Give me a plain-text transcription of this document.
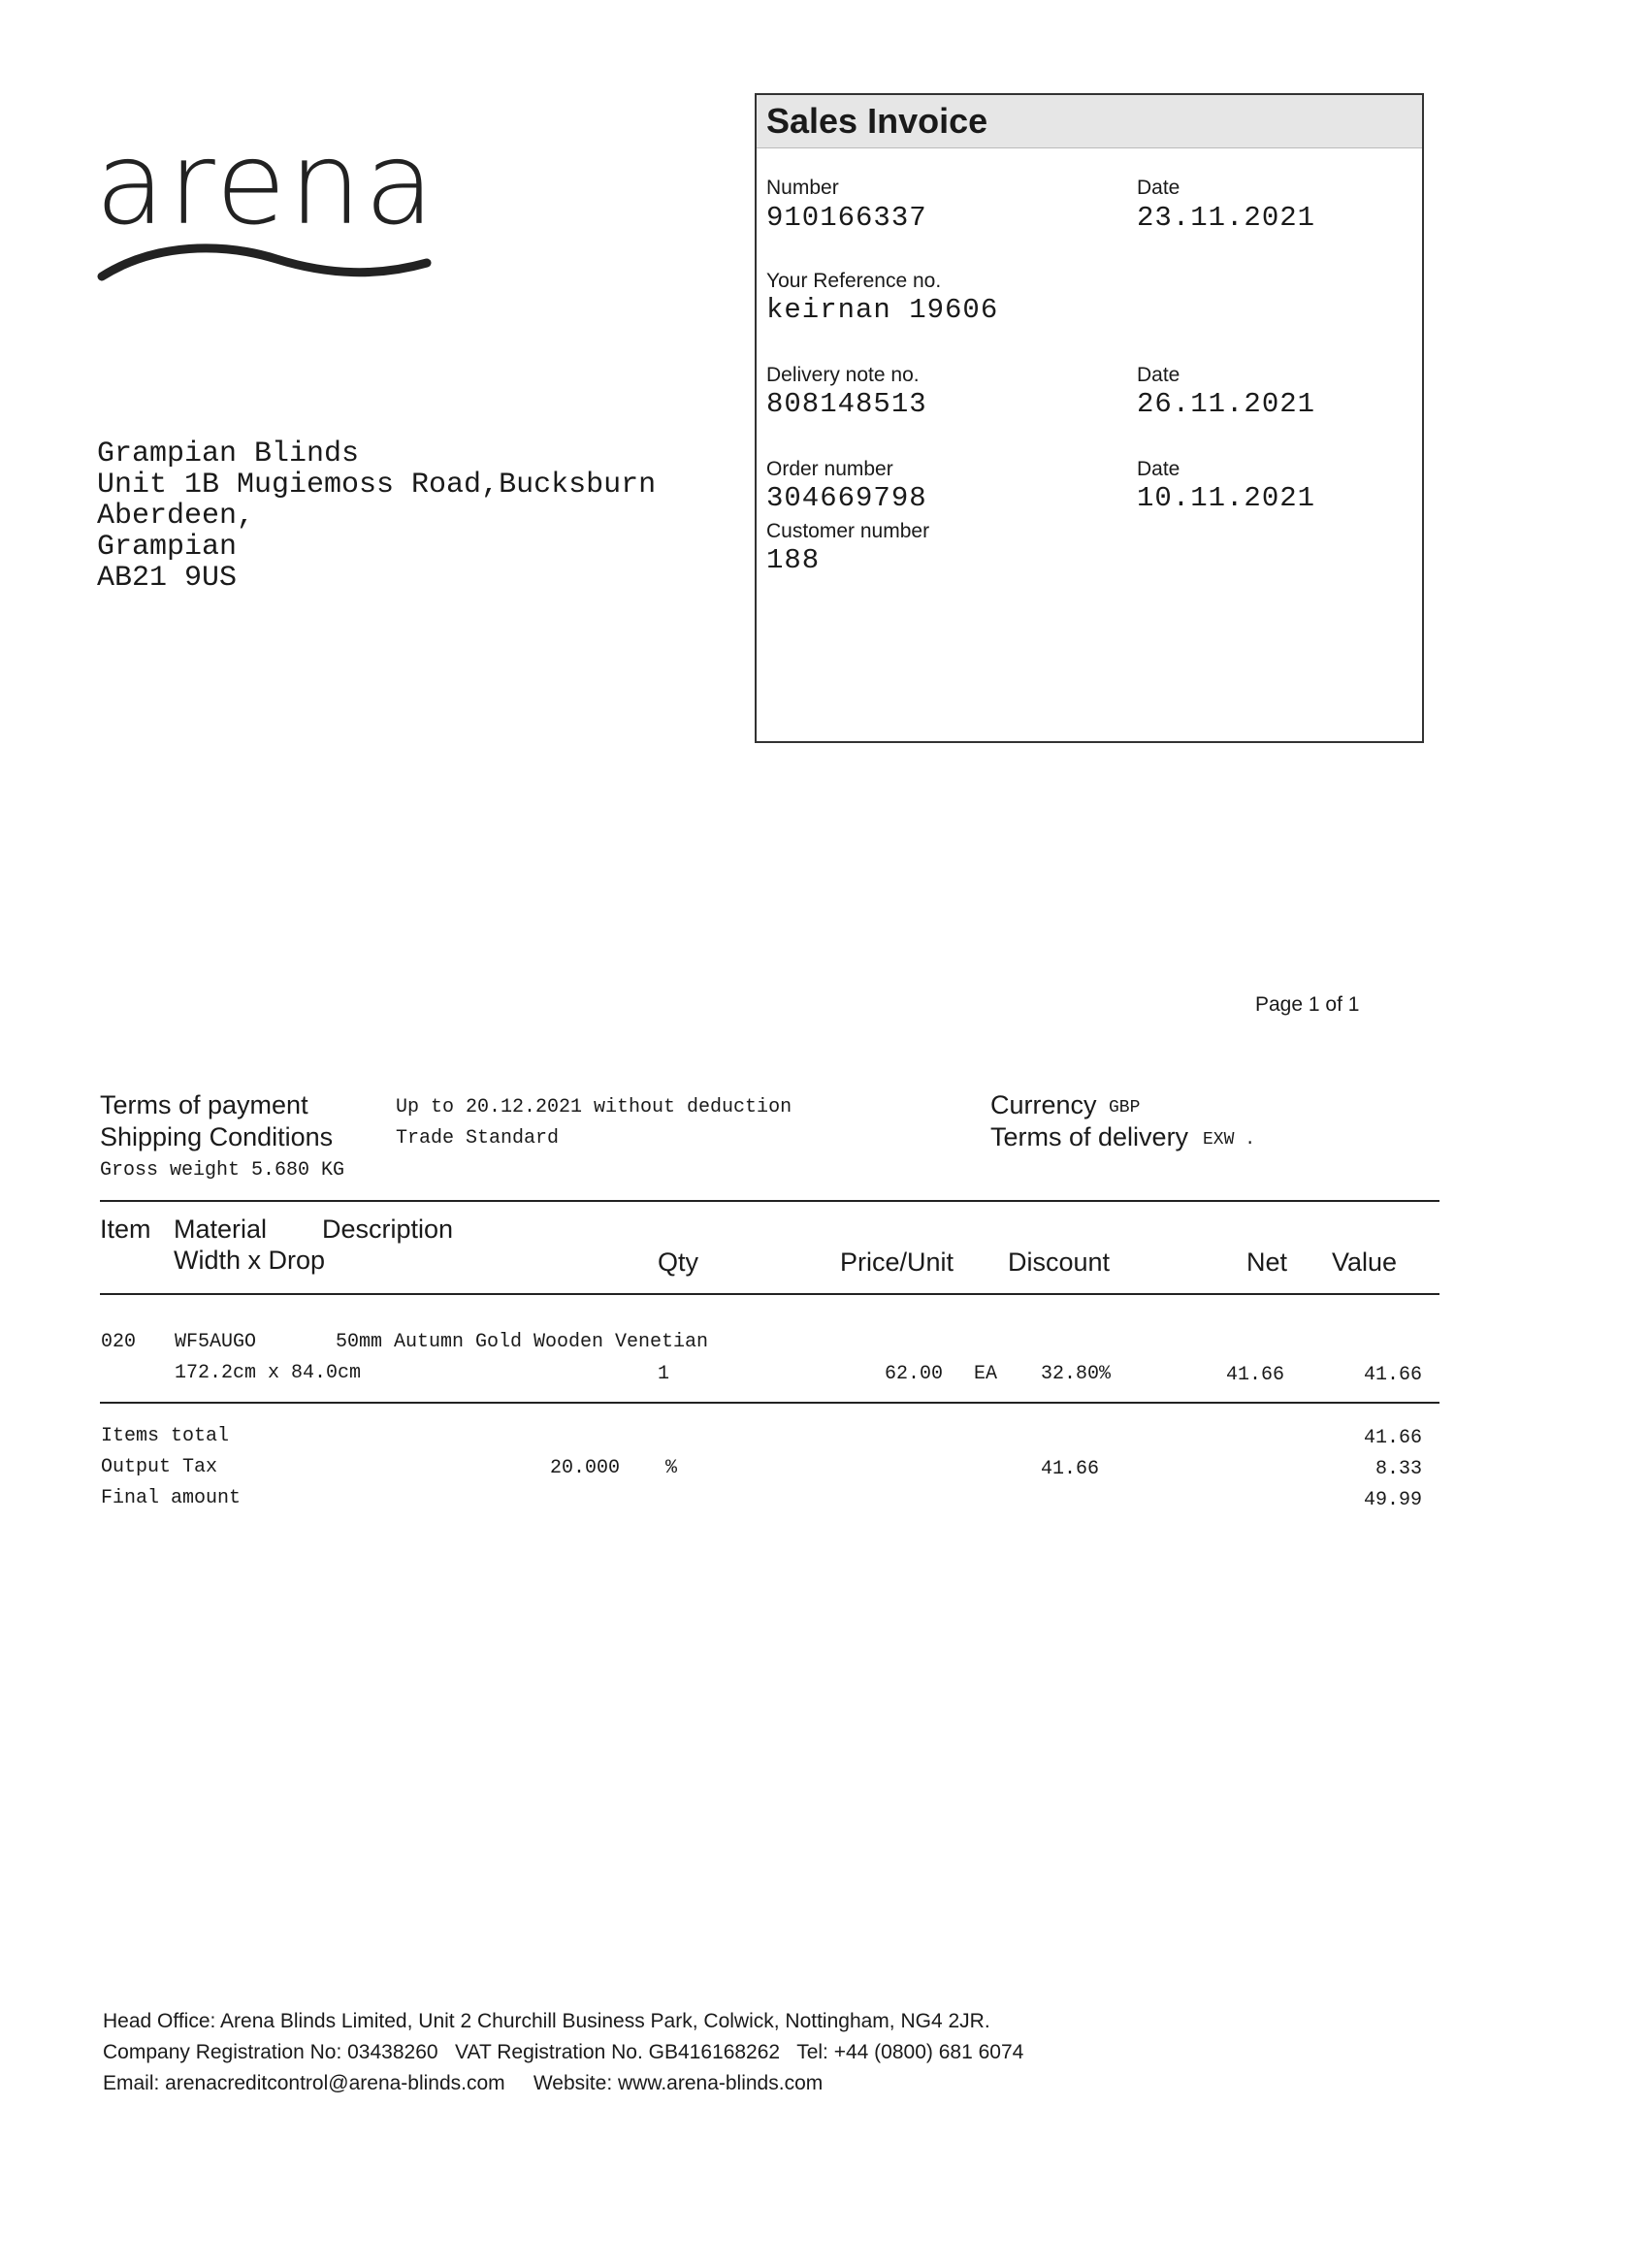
arena
Grampian Blinds
Unit 1B Mugiemoss Road,Bucksburn
Aberdeen,
Grampian
AB21 9US
Sales Invoice
Number
910166337
Date
23.11.2021
Your Reference no.
keirnan 19606
Delivery note no.
808148513
Date
26.11.2021
Order number
304669798
Date
10.11.2021
Customer number
188
Page 1 of 1
Terms of payment	Up to 20.12.2021 without deduction
Shipping Conditions	Trade Standard
Gross weight 5.680 KG
Currency GBP
Terms of delivery EXW .
Item Material Description
Width x Drop	Qty	Price/Unit Discount	Net Value
020 WF5AUGO	50mm Autumn Gold Wooden Venetian
172.2cm x 84.0cm	1	62.00 EA 32.80%	41.66	41.66
Items total	41.66
Output Tax	20.000 %	41.66	8.33
Final amount	49.99
Head Office: Arena Blinds Limited, Unit 2 Churchill Business Park, Colwick, Nottingham, NG4 2JR.
Company Registration No: 03438260   VAT Registration No. GB416168262   Tel: +44 (0800) 681 6074
Email: arenacreditcontrol@arena-blinds.com     Website: www.arena-blinds.com
